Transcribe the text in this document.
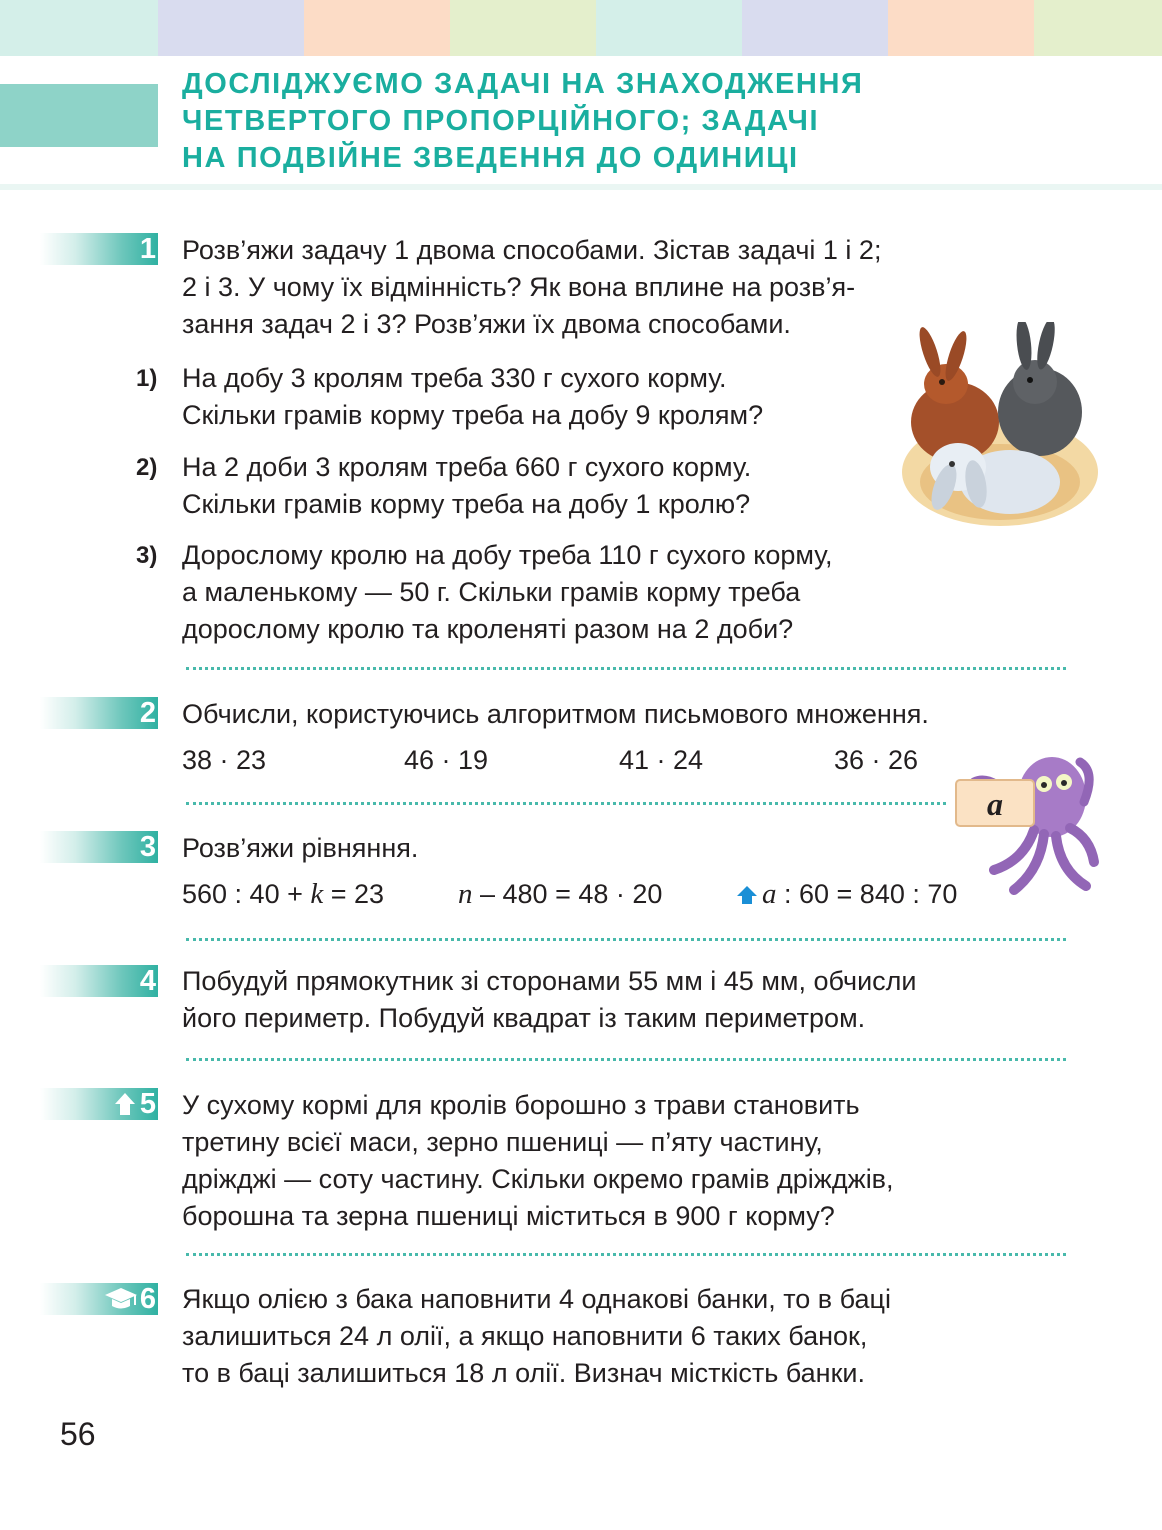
ДОСЛІДЖУЄМО ЗАДАЧІ НА ЗНАХОДЖЕННЯ
ЧЕТВЕРТОГО ПРОПОРЦІЙНОГО; ЗАДАЧІ
НА ПОДВІЙНЕ ЗВЕДЕННЯ ДО ОДИНИЦІ
1 Розв’яжи задачу 1 двома способами. Зістав задачі 1 і 2;
2 і 3. У чому їх відмінність? Як вона вплине на розв’я-
зання задач 2 і 3? Розв’яжи їх двома способами.

1) На добу 3 кролям треба 330 г сухого корму.
Скільки грамів корму треба на добу 9 кролям?

2) На 2 доби 3 кролям треба 660 г сухого корму.
Скільки грамів корму треба на добу 1 кролю?

3) Дорослому кролю на добу треба 110 г сухого корму,
а маленькому — 50 г. Скільки грамів корму треба
дорослому кролю та кроленяті разом на 2 доби?

2 Обчисли, користуючись алгоритмом письмового множення.

38 · 23	46 · 19	41 · 24	36 · 26
a
3 Розв’яжи рівняння.

560 : 40 + k = 23	n – 480 = 48 · 20	a : 60 = 840 : 70
4 Побудуй прямокутник зі сторонами 55 мм і 45 мм, обчисли
його периметр. Побудуй квадрат із таким периметром.

5 У сухому кормі для кролів борошно з трави становить
третину всієї маси, зерно пшениці — п’яту частину,
дріжджі — соту частину. Скільки окремо грамів дріжджів,
борошна та зерна пшениці міститься в 900 г корму?

6 Якщо олією з бака наповнити 4 однакові банки, то в баці
залишиться 24 л олії, а якщо наповнити 6 таких банок,
то в баці залишиться 18 л олії. Визнач місткість банки.

56
